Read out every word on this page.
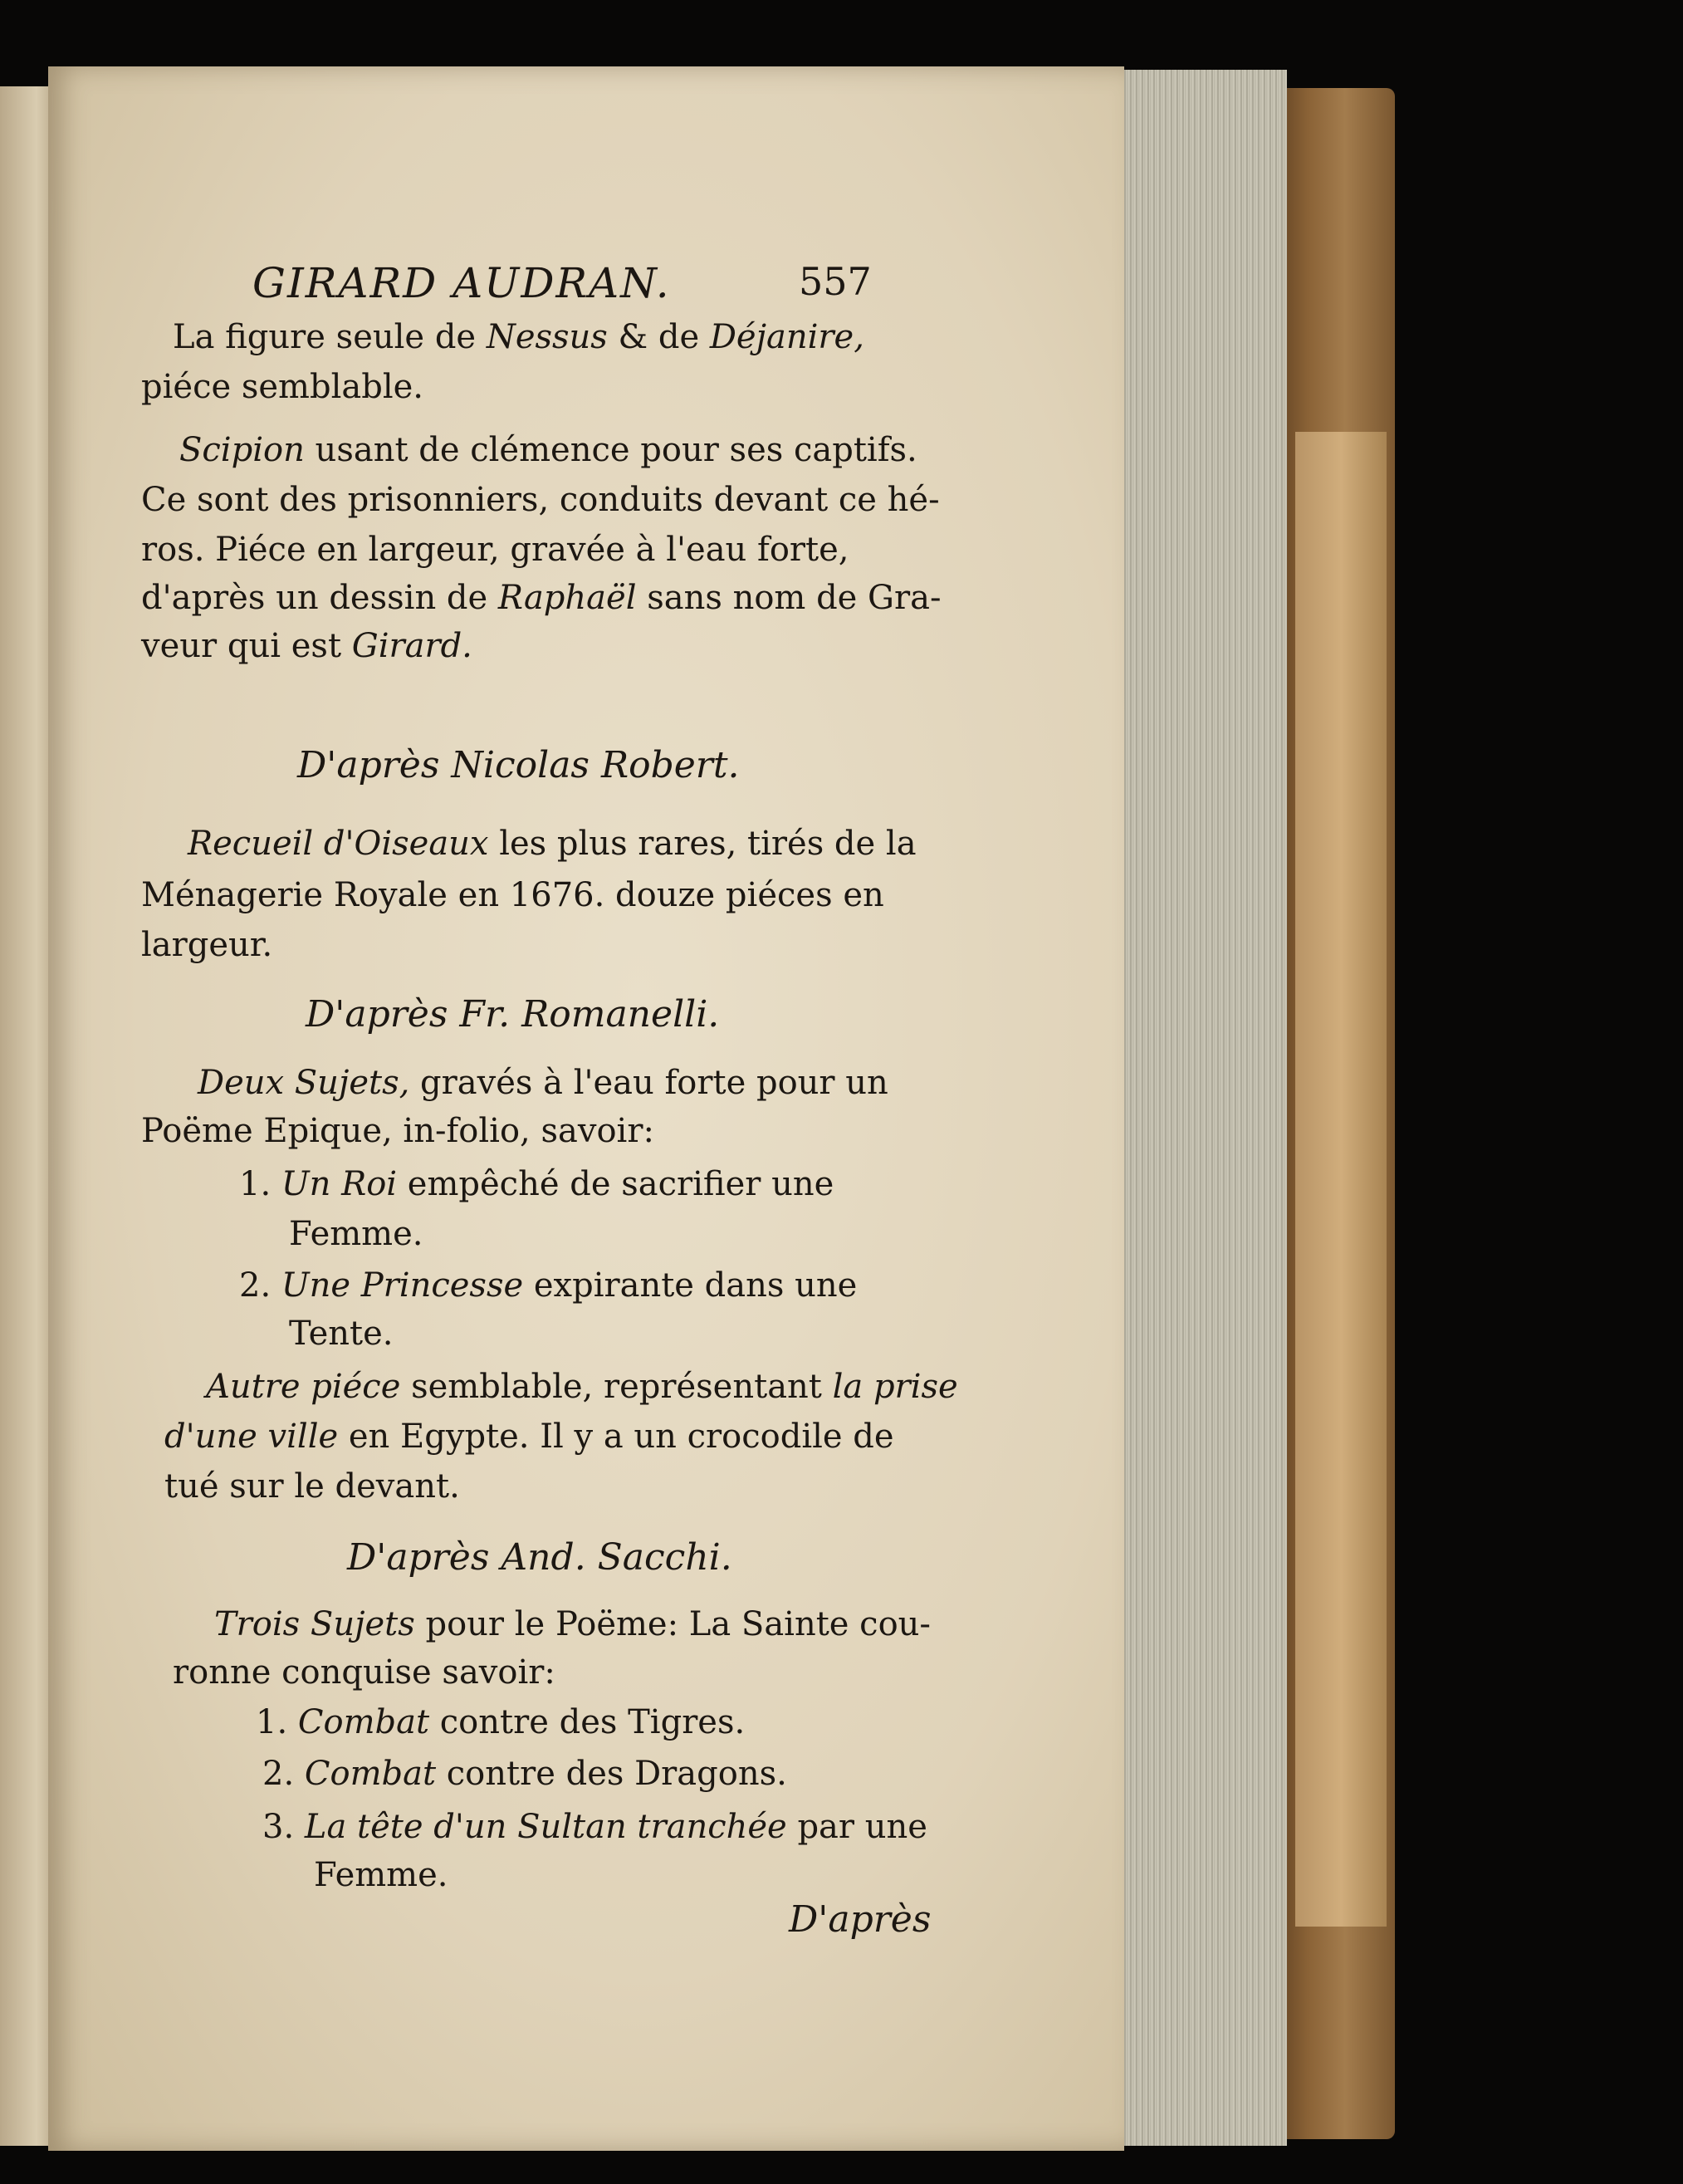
GIRARD AUDRAN.	557
La figure seule de Nessus & de Déjanire,
piéce semblable.
Scipion usant de clémence pour ses captifs.
Ce sont des prisonniers, conduits devant ce hé-
ros. Piéce en largeur, gravée à l'eau forte,
d'après un dessin de Raphaël sans nom de Gra-
veur qui est Girard.
D'après Nicolas Robert.
Recueil d'Oiseaux les plus rares, tirés de la
Ménagerie Royale en 1676. douze piéces en
largeur.
D'après Fr. Romanelli.
Deux Sujets, gravés à l'eau forte pour un
Poëme Epique, in-folio, savoir:
1. Un Roi empêché de sacrifier une
Femme.
2. Une Princesse expirante dans une
Tente.
Autre piéce semblable, représentant la prise
d'une ville en Egypte. Il y a un crocodile de
tué sur le devant.
D'après And. Sacchi.
Trois Sujets pour le Poëme: La Sainte cou-
ronne conquise savoir:
1. Combat contre des Tigres.
2. Combat contre des Dragons.
3. La tête d'un Sultan tranchée par une
Femme.
D'après
